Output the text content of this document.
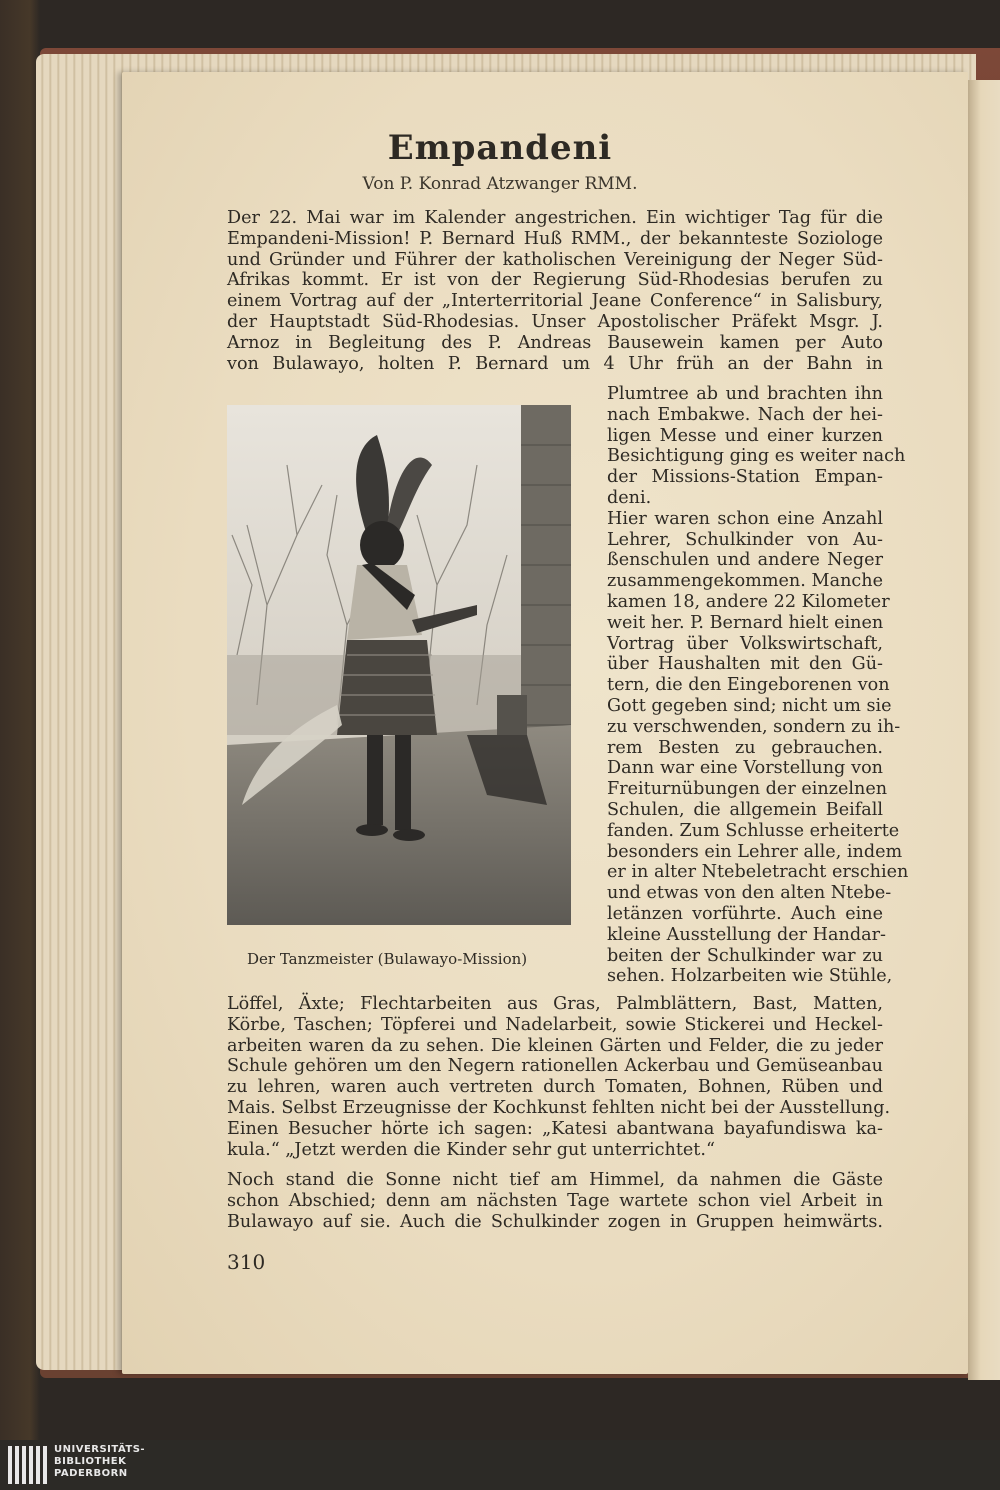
Empandeni
Von P. Konrad Atzwanger RMM.
Der 22. Mai war im Kalender angestrichen. Ein wichtiger Tag für die
Empandeni-Mission! P. Bernard Huß RMM., der bekannteste Soziologe
und Gründer und Führer der katholischen Vereinigung der Neger Süd-
Afrikas kommt. Er ist von der Regierung Süd-Rhodesias berufen zu
einem Vortrag auf der „Interterritorial Jeane Conference“ in Salisbury,
der Hauptstadt Süd-Rhodesias. Unser Apostolischer Präfekt Msgr. J.
Arnoz in Begleitung des P. Andreas Bausewein kamen per Auto
von Bulawayo, holten P. Bernard um 4 Uhr früh an der Bahn in
Der Tanzmeister (Bulawayo-Mission)
Plumtree ab und brachten ihn
nach Embakwe. Nach der hei-
ligen Messe und einer kurzen
Besichtigung ging es weiter nach
der Missions-Station Empan-
deni.
Hier waren schon eine Anzahl
Lehrer, Schulkinder von Au-
ßenschulen und andere Neger
zusammengekommen. Manche
kamen 18, andere 22 Kilometer
weit her. P. Bernard hielt einen
Vortrag über Volkswirtschaft,
über Haushalten mit den Gü-
tern, die den Eingeborenen von
Gott gegeben sind; nicht um sie
zu verschwenden, sondern zu ih-
rem Besten zu gebrauchen.
Dann war eine Vorstellung von
Freiturnübungen der einzelnen
Schulen, die allgemein Beifall
fanden. Zum Schlusse erheiterte
besonders ein Lehrer alle, indem
er in alter Ntebeletracht erschien
und etwas von den alten Ntebe-
letänzen vorführte. Auch eine
kleine Ausstellung der Handar-
beiten der Schulkinder war zu
sehen. Holzarbeiten wie Stühle,
Löffel, Äxte; Flechtarbeiten aus Gras, Palmblättern, Bast, Matten,
Körbe, Taschen; Töpferei und Nadelarbeit, sowie Stickerei und Heckel-
arbeiten waren da zu sehen. Die kleinen Gärten und Felder, die zu jeder
Schule gehören um den Negern rationellen Ackerbau und Gemüseanbau
zu lehren, waren auch vertreten durch Tomaten, Bohnen, Rüben und
Mais. Selbst Erzeugnisse der Kochkunst fehlten nicht bei der Ausstellung.
Einen Besucher hörte ich sagen: „Katesi abantwana bayafundiswa ka-
kula.“ „Jetzt werden die Kinder sehr gut unterrichtet.“
Noch stand die Sonne nicht tief am Himmel, da nahmen die Gäste
schon Abschied; denn am nächsten Tage wartete schon viel Arbeit in
Bulawayo auf sie. Auch die Schulkinder zogen in Gruppen heimwärts.
310
UNIVERSITÄTS-
BIBLIOTHEK
PADERBORN
